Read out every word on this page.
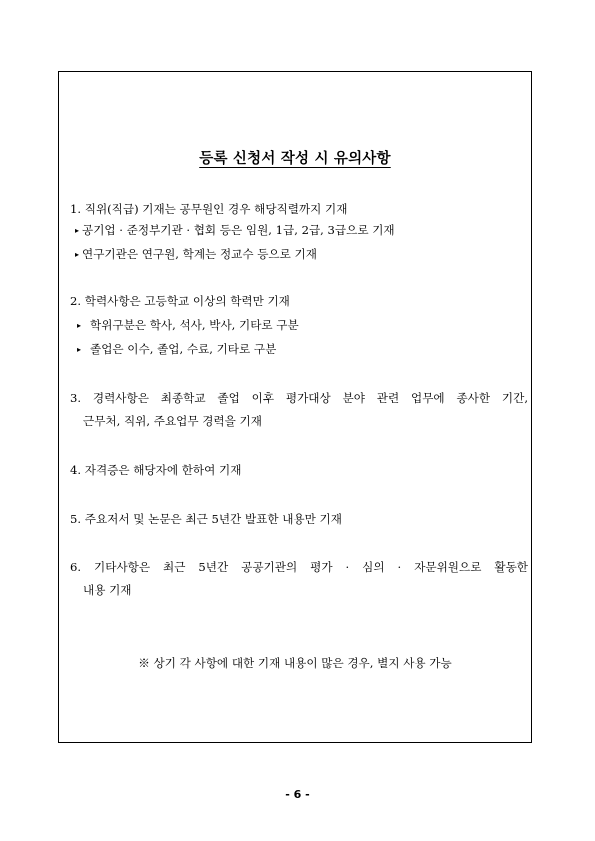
등록 신청서 작성 시 유의사항
1. 직위(직급) 기재는 공무원인 경우 해당직렬까지 기재
▸ 공기업 · 준정부기관 · 협회 등은 임원, 1급, 2급, 3급으로 기재
▸ 연구기관은 연구원, 학계는 정교수 등으로 기재
2. 학력사항은 고등학교 이상의 학력만 기재
▸ 학위구분은 학사, 석사, 박사, 기타로 구분
▸ 졸업은 이수, 졸업, 수료, 기타로 구분
3. 경력사항은 최종학교 졸업 이후 평가대상 분야 관련 업무에 종사한 기간,
근무처, 직위, 주요업무 경력을 기재
4. 자격증은 해당자에 한하여 기재
5. 주요저서 및 논문은 최근 5년간 발표한 내용만 기재
6. 기타사항은 최근 5년간 공공기관의 평가 · 심의 · 자문위원으로 활동한
내용 기재
※ 상기 각 사항에 대한 기재 내용이 많은 경우, 별지 사용 가능
- 6 -
